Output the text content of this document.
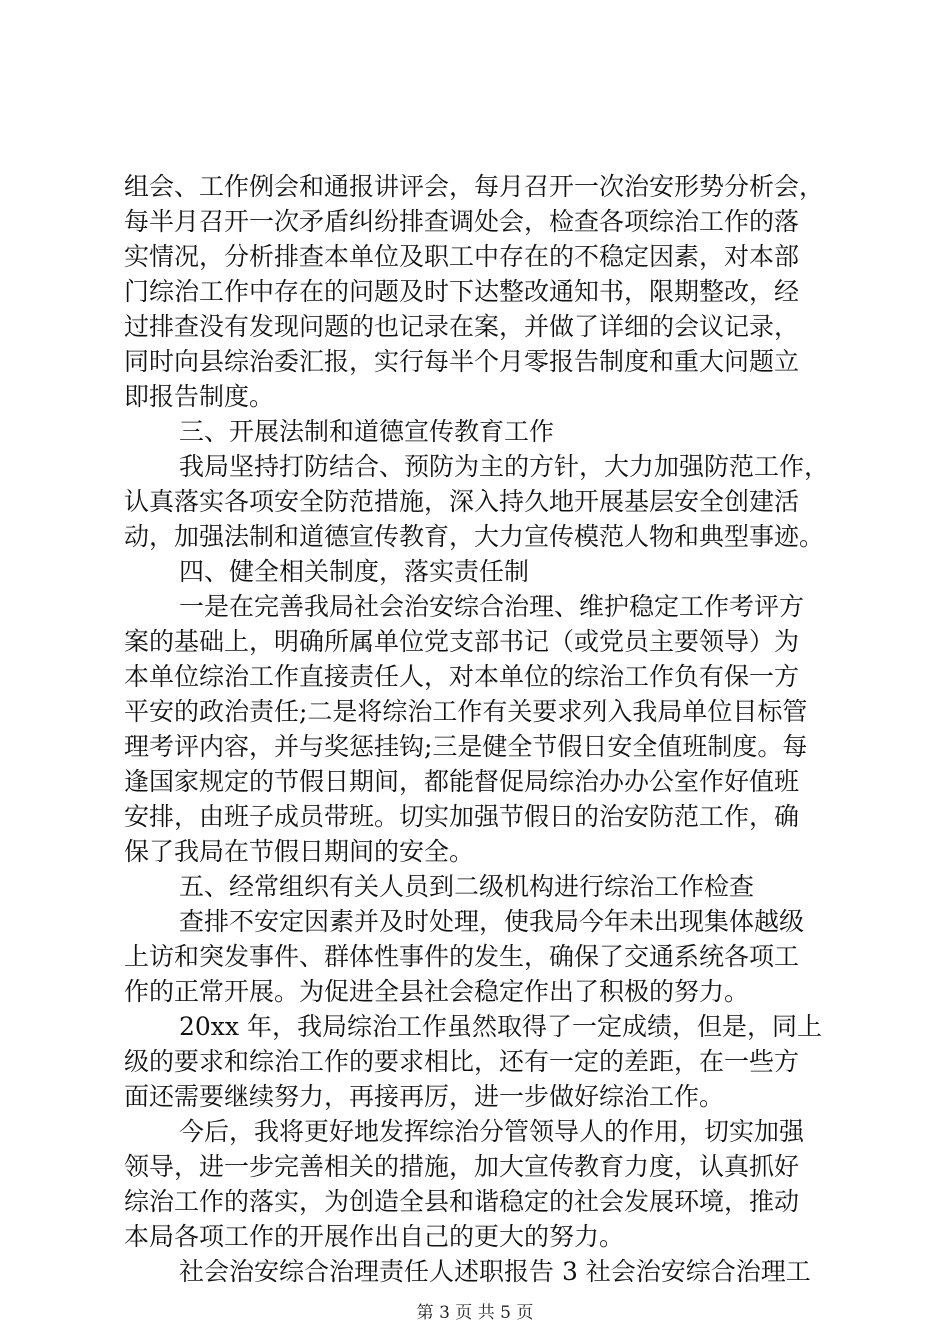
组会、工作例会和通报讲评会，每月召开一次治安形势分析会，
每半月召开一次矛盾纠纷排查调处会，检查各项综治工作的落
实情况，分析排查本单位及职工中存在的不稳定因素，对本部
门综治工作中存在的问题及时下达整改通知书，限期整改，经
过排查没有发现问题的也记录在案，并做了详细的会议记录，
同时向县综治委汇报，实行每半个月零报告制度和重大问题立
即报告制度。
三、开展法制和道德宣传教育工作
我局坚持打防结合、预防为主的方针，大力加强防范工作，
认真落实各项安全防范措施，深入持久地开展基层安全创建活
动，加强法制和道德宣传教育，大力宣传模范人物和典型事迹。
四、健全相关制度，落实责任制
一是在完善我局社会治安综合治理、维护稳定工作考评方
案的基础上，明确所属单位党支部书记（或党员主要领导）为
本单位综治工作直接责任人，对本单位的综治工作负有保一方
平安的政治责任;二是将综治工作有关要求列入我局单位目标管
理考评内容，并与奖惩挂钩;三是健全节假日安全值班制度。每
逢国家规定的节假日期间，都能督促局综治办办公室作好值班
安排，由班子成员带班。切实加强节假日的治安防范工作，确
保了我局在节假日期间的安全。
五、经常组织有关人员到二级机构进行综治工作检查
查排不安定因素并及时处理，使我局今年未出现集体越级
上访和突发事件、群体性事件的发生，确保了交通系统各项工
作的正常开展。为促进全县社会稳定作出了积极的努力。
20xx 年，我局综治工作虽然取得了一定成绩，但是，同上
级的要求和综治工作的要求相比，还有一定的差距，在一些方
面还需要继续努力，再接再厉，进一步做好综治工作。
今后，我将更好地发挥综治分管领导人的作用，切实加强
领导，进一步完善相关的措施，加大宣传教育力度，认真抓好
综治工作的落实，为创造全县和谐稳定的社会发展环境，推动
本局各项工作的开展作出自己的更大的努力。
社会治安综合治理责任人述职报告 3 社会治安综合治理工
第 3 页 共 5 页
